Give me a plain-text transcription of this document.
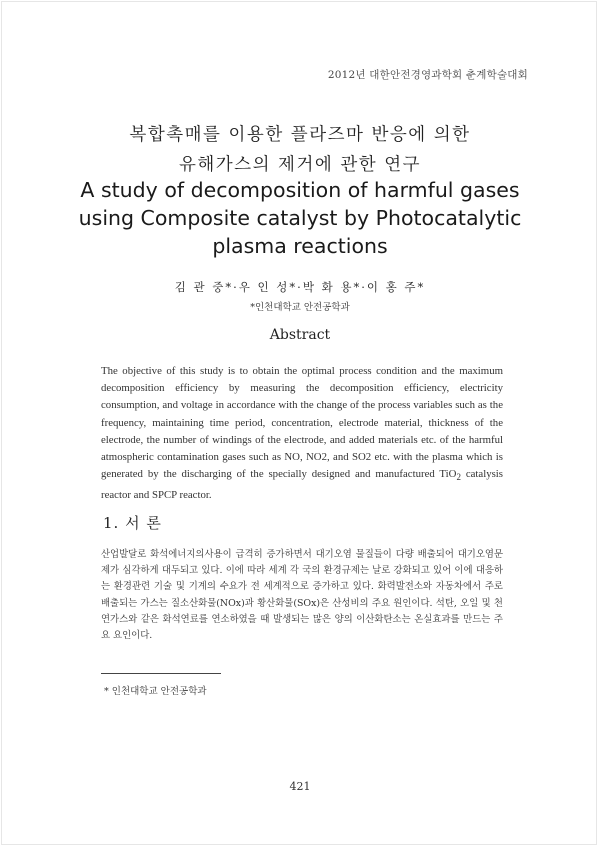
2012년 대한안전경영과학회 춘계학술대회
복합촉매를 이용한 플라즈마 반응에 의한
유해가스의 제거에 관한 연구
A study of decomposition of harmful gases
using Composite catalyst by Photocatalytic
plasma reactions
김 관 중*·우 인 성*·박 화 용*·이 홍 주*
*인천대학교 안전공학과
Abstract
The objective of this study is to obtain the optimal process condition and the maximum decomposition efficiency by measuring the decomposition efficiency, electricity consumption, and voltage in accordance with the change of the process variables such as the frequency, maintaining time period, concentration, electrode material, thickness of the electrode, the number of windings of the electrode, and added materials etc. of the harmful atmospheric contamination gases such as NO, NO2, and SO2 etc. with the plasma which is generated by the discharging of the specially designed and manufactured TiO$_2$ catalysis reactor and SPCP reactor.
1. 서 론
산업발달로 화석에너지의사용이 급격히 증가하면서 대기오염 물질들이 다량 배출되어 대기오염문제가 심각하게 대두되고 있다. 이에 따라 세계 각 국의 환경규제는 날로 강화되고 있어 이에 대응하는 환경관련 기술 및 기계의 수요가 전 세계적으로 증가하고 있다. 화력발전소와 자동차에서 주로 배출되는 가스는 질소산화물(NOx)과 황산화물(SOx)은 산성비의 주요 원인이다. 석탄, 오일 및 천연가스와 같은 화석연료를 연소하였을 때 발생되는 많은 양의 이산화탄소는 온실효과를 만드는 주요 요인이다.
* 인천대학교 안전공학과
421
